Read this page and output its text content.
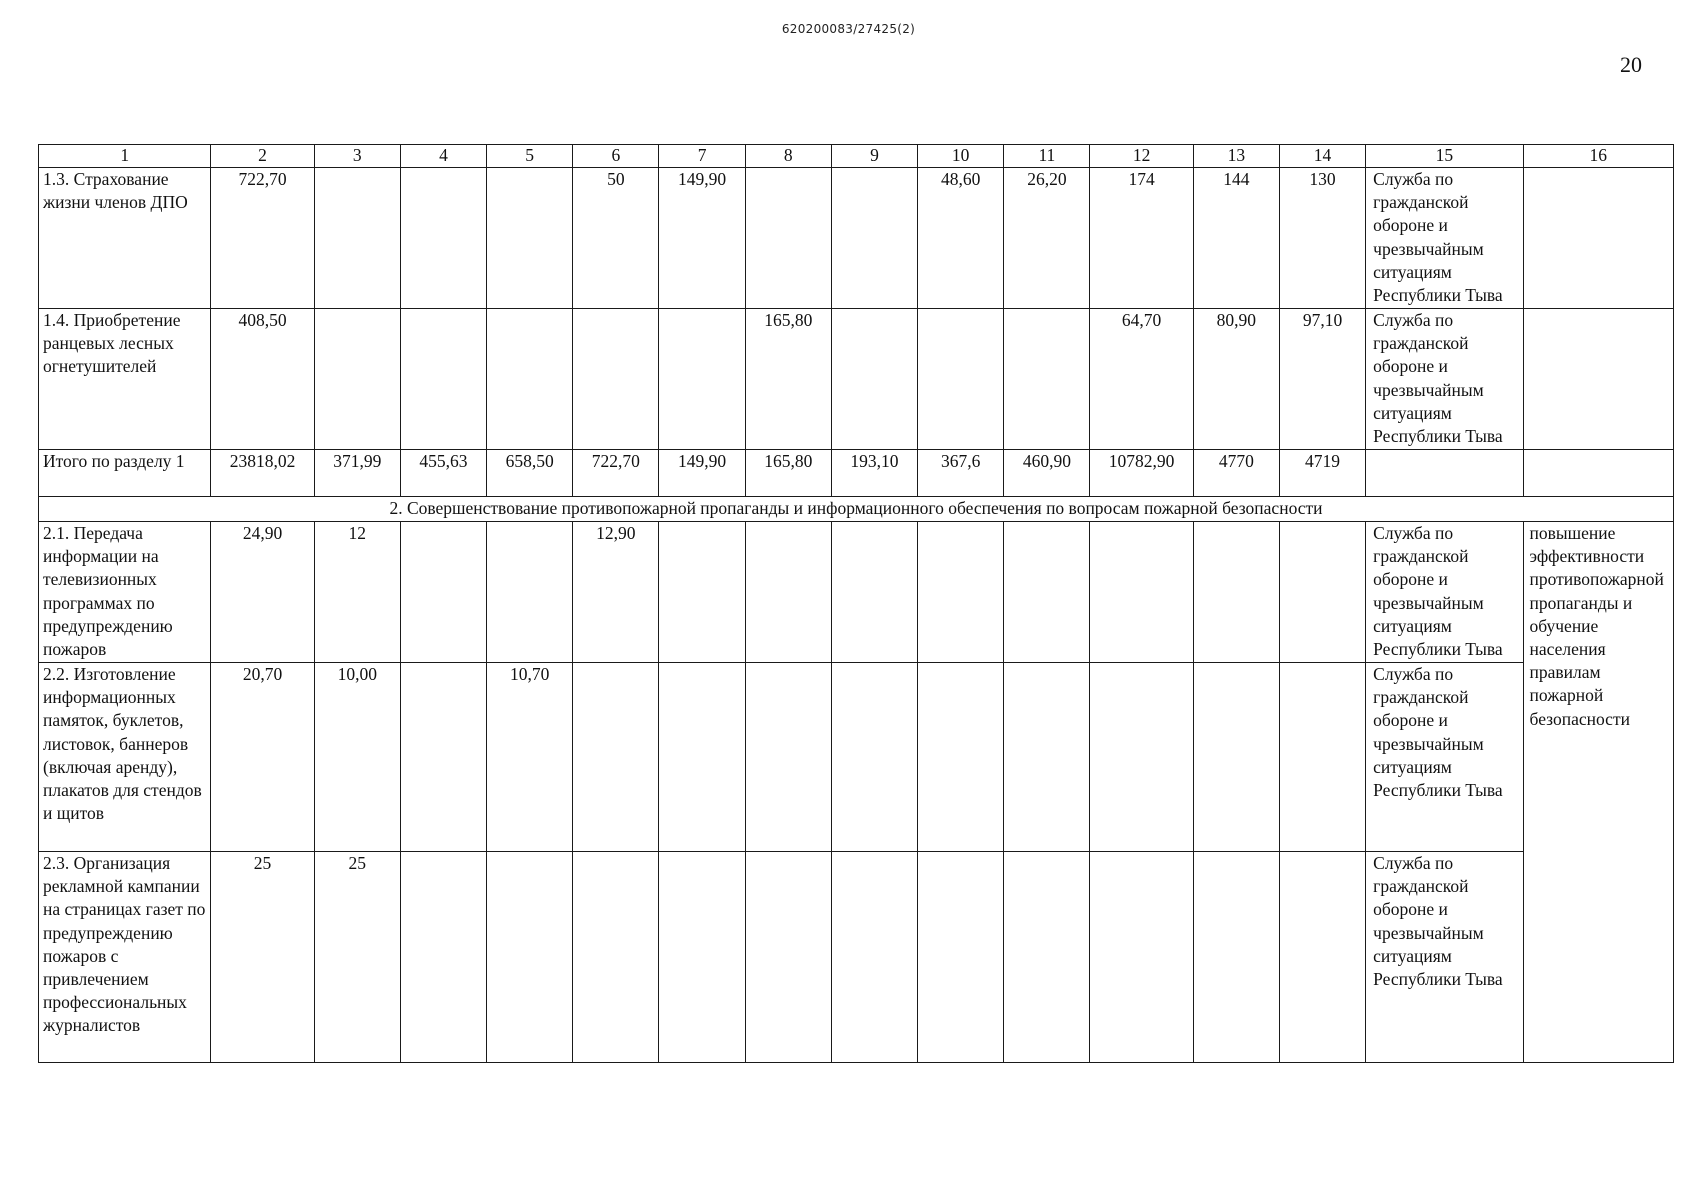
620200083/27425(2)
20
1	2	3	4	5	6	7	8	9	10	11	12	13	14	15	16
1.3. Страхование жизни членов ДПО	722,70				50	149,90			48,60	26,20	174	144	130	Служба по гражданской обороне и чрезвычайным ситуациям Республики Тыва	
1.4. Приобретение ранцевых лесных огнетушителей	408,50						165,80				64,70	80,90	97,10	Служба по гражданской обороне и чрезвычайным ситуациям Республики Тыва	
Итого по разделу 1	23818,02	371,99	455,63	658,50	722,70	149,90	165,80	193,10	367,6	460,90	10782,90	4770	4719		
2. Совершенствование противопожарной пропаганды и информационного обеспечения по вопросам пожарной безопасности															
2.1. Передача информации на телевизионных программах по предупреждению пожаров	24,90	12			12,90									Служба по гражданской обороне и чрезвычайным ситуациям Республики Тыва	повышение эффективности противопожарной пропаганды и обучение населения правилам пожарной безопасности
2.2. Изготовление информационных памяток, буклетов, листовок, баннеров (включая аренду), плакатов для стендов и щитов	20,70	10,00		10,70										Служба по гражданской обороне и чрезвычайным ситуациям Республики Тыва	
2.3. Организация рекламной кампании на страницах газет по предупреждению пожаров с привлечением профессиональных журналистов	25	25												Служба по гражданской обороне и чрезвычайным ситуациям Республики Тыва	
